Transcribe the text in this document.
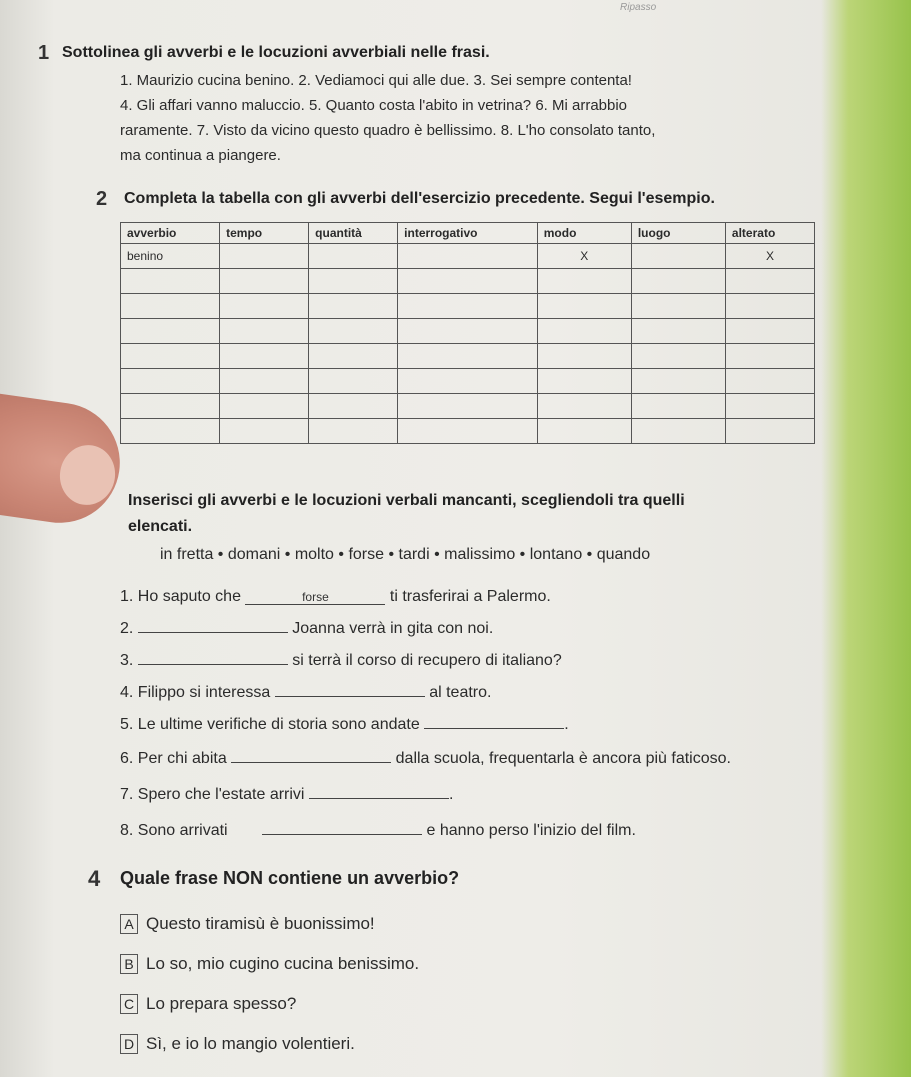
Ripasso
1 Sottolinea gli avverbi e le locuzioni avverbiali nelle frasi.
1. Maurizio cucina benino. 2. Vediamoci qui alle due. 3. Sei sempre contenta!
4. Gli affari vanno maluccio. 5. Quanto costa l'abito in vetrina? 6. Mi arrabbio
raramente. 7. Visto da vicino questo quadro è bellissimo. 8. L'ho consolato tanto,
ma continua a piangere.
2 Completa la tabella con gli avverbi dell'esercizio precedente. Segui l'esempio.
avverbio	tempo	quantità	interrogativo	modo	luogo	alterato
benino				X		X

Inserisci gli avverbi e le locuzioni verbali mancanti, scegliendoli tra quelli
elencati.
in fretta • domani • molto • forse • tardi • malissimo • lontano • quando
1. Ho saputo che	forse	ti trasferirai a Palermo.
2.	Joanna verrà in gita con noi.
3.	si terrà il corso di recupero di italiano?
4. Filippo si interessa	al teatro.
5. Le ultime verifiche di storia sono andate	.
6. Per chi abita	dalla scuola, frequentarla è ancora più faticoso.
7. Spero che l'estate arrivi	.
8. Sono arrivati	e hanno perso l'inizio del film.
4 Quale frase NON contiene un avverbio?
A Questo tiramisù è buonissimo!
B Lo so, mio cugino cucina benissimo.
C Lo prepara spesso?
D Sì, e io lo mangio volentieri.
